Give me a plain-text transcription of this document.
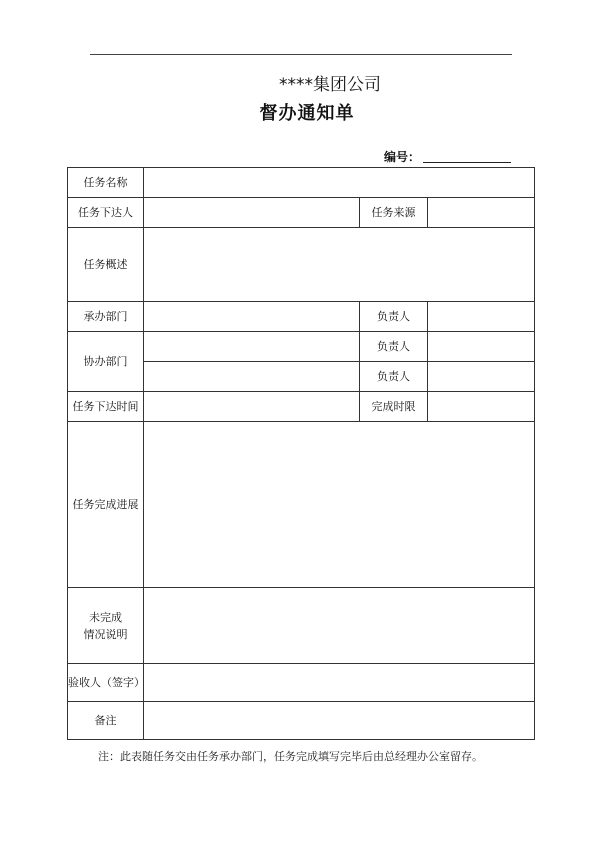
****集团公司
督办通知单
编号：
任务名称			
任务下达人		任务来源	
任务概述			
承办部门		负责人	
协办部门		负责人	
		负责人	
任务下达时间		完成时限	
任务完成进展			

未完成
情况说明			

验收人（签字）			
备注			
注：此表随任务交由任务承办部门，任务完成填写完毕后由总经理办公室留存。
